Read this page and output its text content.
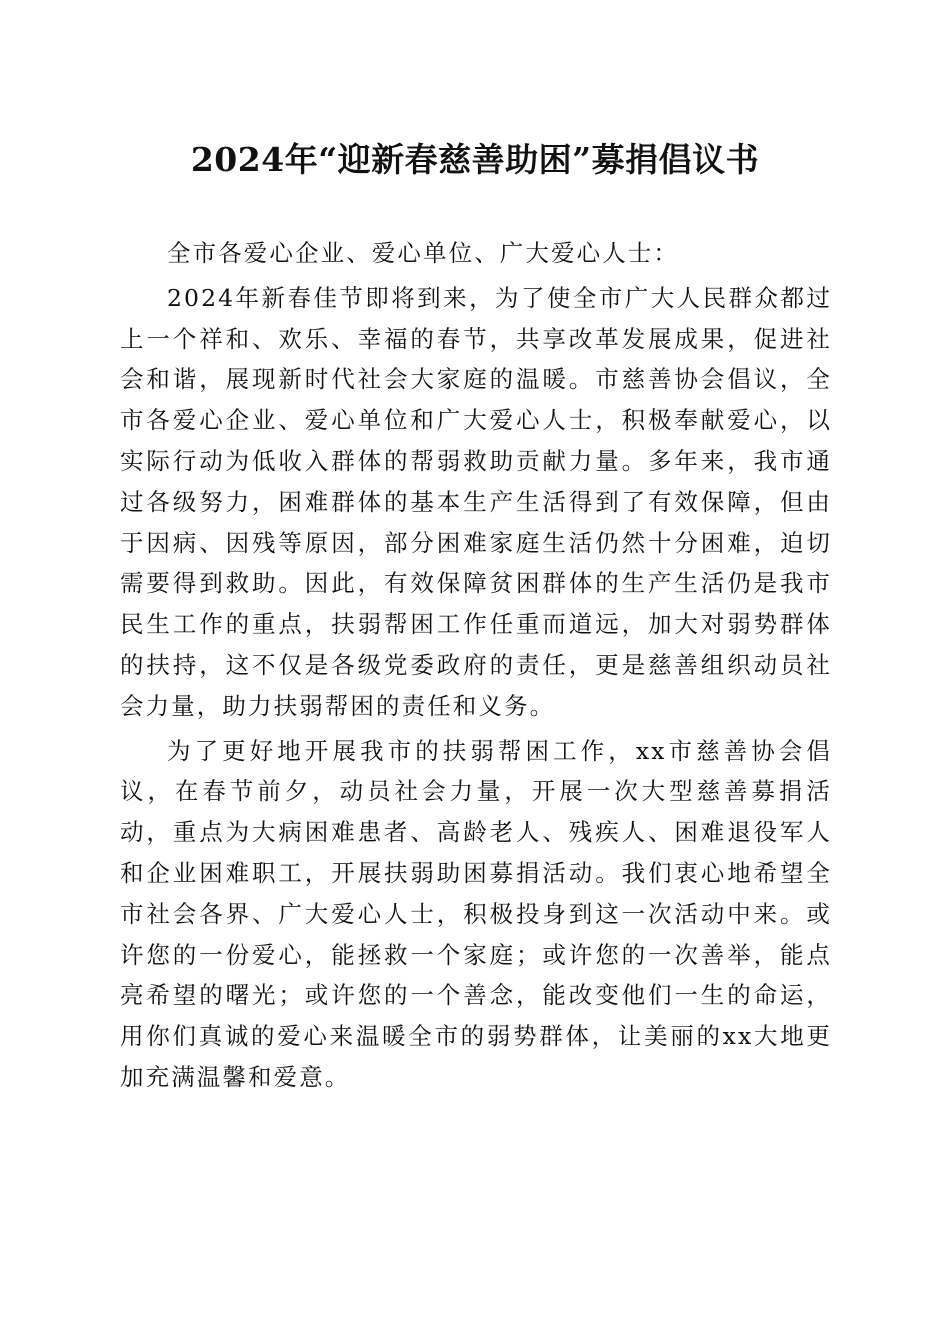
2024年“迎新春慈善助困”募捐倡议书

全市各爱心企业、爱心单位、广大爱心人士：

2024年新春佳节即将到来，为了使全市广大人民群众都过上一个祥和、欢乐、幸福的春节，共享改革发展成果，促进社会和谐，展现新时代社会大家庭的温暖。市慈善协会倡议，全市各爱心企业、爱心单位和广大爱心人士，积极奉献爱心，以实际行动为低收入群体的帮弱救助贡献力量。多年来，我市通过各级努力，困难群体的基本生产生活得到了有效保障，但由于因病、因残等原因，部分困难家庭生活仍然十分困难，迫切需要得到救助。因此，有效保障贫困群体的生产生活仍是我市民生工作的重点，扶弱帮困工作任重而道远，加大对弱势群体的扶持，这不仅是各级党委政府的责任，更是慈善组织动员社会力量，助力扶弱帮困的责任和义务。

为了更好地开展我市的扶弱帮困工作，xx市慈善协会倡议，在春节前夕，动员社会力量，开展一次大型慈善募捐活动，重点为大病困难患者、高龄老人、残疾人、困难退役军人和企业困难职工，开展扶弱助困募捐活动。我们衷心地希望全市社会各界、广大爱心人士，积极投身到这一次活动中来。或许您的一份爱心，能拯救一个家庭；或许您的一次善举，能点亮希望的曙光；或许您的一个善念，能改变他们一生的命运，用你们真诚的爱心来温暖全市的弱势群体，让美丽的xx大地更加充满温馨和爱意。
